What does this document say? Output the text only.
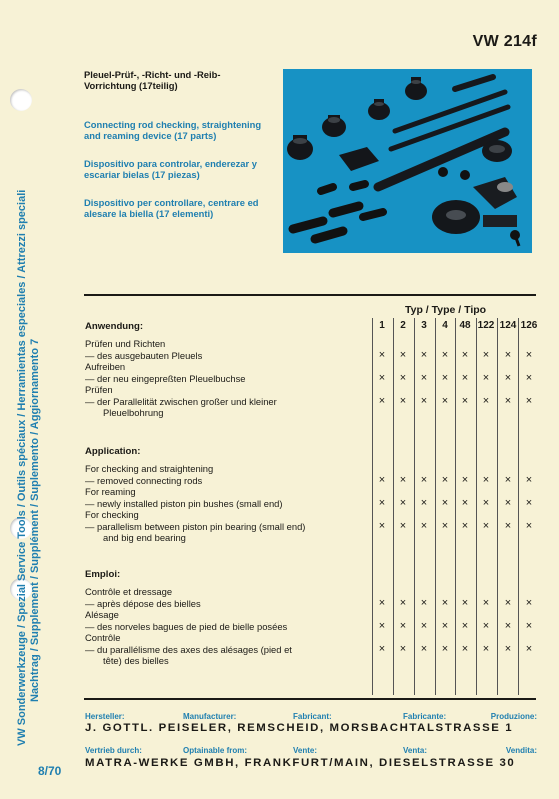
VW 214f
VW Sonderwerkzeuge / Spezial Service Tools / Outils spéciaux / Herramientas especiales / Attrezzi speciali Nachtrag / Supplement / Supplément / Suplemento / Aggiornamento 7
8/70
Pleuel-Prüf-, -Richt- und -Reib- Vorrichtung (17teilig)
Connecting rod checking, straightening and reaming device (17 parts)
Dispositivo para controlar, enderezar y escariar bielas (17 piezas)
Dispositivo per controllare, centrare ed alesare la biella (17 elementi)
Typ / Type / Tipo
1	2	3	4	48 122 124 126
Anwendung:
Prüfen und Richten
— des ausgebauten Pleuels	×	×	×	×	×	×	×	×
Aufreiben
— der neu eingepreßten Pleuelbuchse	×	×	×	×	×	×	×	×
Prüfen
— der Parallelität zwischen großer und kleiner	×	×	×	×	×	×	×	×
Pleuelbohrung
Application:
For checking and straightening
— removed connecting rods	×	×	×	×	×	×	×	×
For reaming
— newly installed piston pin bushes (small end)	×	×	×	×	×	×	×	×
For checking
— parallelism between piston pin bearing (small end)	×	×	×	×	×	×	×	×
and big end bearing
Emploi:
Contrôle et dressage
— après dépose des bielles	×	×	×	×	×	×	×	×
Alésage
— des norveles bagues de pied de bielle posées	×	×	×	×	×	×	×	×
Contrôle
— du parallélisme des axes des alésages (pied et	×	×	×	×	×	×	×	×
tête) des bielles
Hersteller:	Manufacturer:	Fabricant:	Fabricante:	Produzione:
J. GOTTL. PEISELER, REMSCHEID, MORSBACHTALSTRASSE 1
Vertrieb durch:	Optainable from:	Vente:	Venta:	Vendita:
MATRA-WERKE GMBH, FRANKFURT/MAIN, DIESELSTRASSE 30
